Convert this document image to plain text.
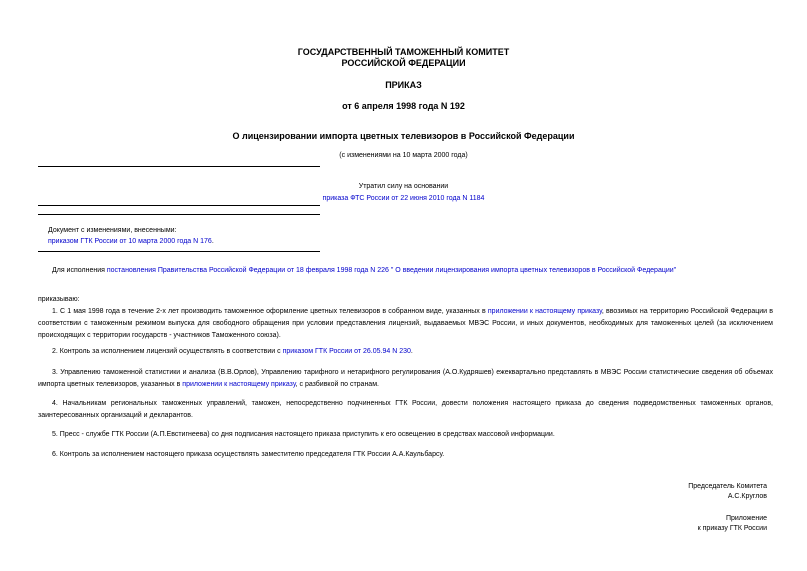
ГОСУДАРСТВЕННЫЙ ТАМОЖЕННЫЙ КОМИТЕТ
РОССИЙСКОЙ ФЕДЕРАЦИИ
ПРИКАЗ
от 6 апреля 1998 года N 192
О лицензировании импорта цветных телевизоров в Российской Федерации
(с изменениями на 10 марта 2000 года)
Утратил силу на основании
приказа ФТС России от 22 июня 2010 года N 1184
Документ с изменениями, внесенными:
приказом ГТК России от 10 марта 2000 года N 176.
Для исполнения постановления Правительства Российской Федерации от 18 февраля 1998 года N 226 " О введении лицензирования импорта цветных телевизоров в Российской Федерации"
приказываю:
1. С 1 мая 1998 года в течение 2-х лет производить таможенное оформление цветных телевизоров в собранном виде, указанных в приложении к настоящему приказу, ввозимых на территорию Российской Федерации в соответствии с таможенным режимом выпуска для свободного обращения при условии представления лицензий, выдаваемых МВЭС России, и иных документов, необходимых для таможенных целей (за исключением происходящих с территории государств - участников Таможенного союза).
2. Контроль за исполнением лицензий осуществлять в соответствии с приказом ГТК России от 26.05.94 N 230.
3. Управлению таможенной статистики и анализа (В.В.Орлов), Управлению тарифного и нетарифного регулирования (А.О.Кудряшев) ежеквартально представлять в МВЭС России статистические сведения об объемах импорта цветных телевизоров, указанных в приложении к настоящему приказу, с разбивкой по странам.
4. Начальникам региональных таможенных управлений, таможен, непосредственно подчиненных ГТК России, довести положения настоящего приказа до сведения подведомственных таможенных органов, заинтересованных организаций и декларантов.
5. Пресс - службе ГТК России (А.П.Евстигнеева) со дня подписания настоящего приказа приступить к его освещению в средствах массовой информации.
6. Контроль за исполнением настоящего приказа осуществлять заместителю председателя ГТК России А.А.Каульбарсу.
Председатель Комитета
А.С.Круглов
Приложение
к приказу ГТК России
